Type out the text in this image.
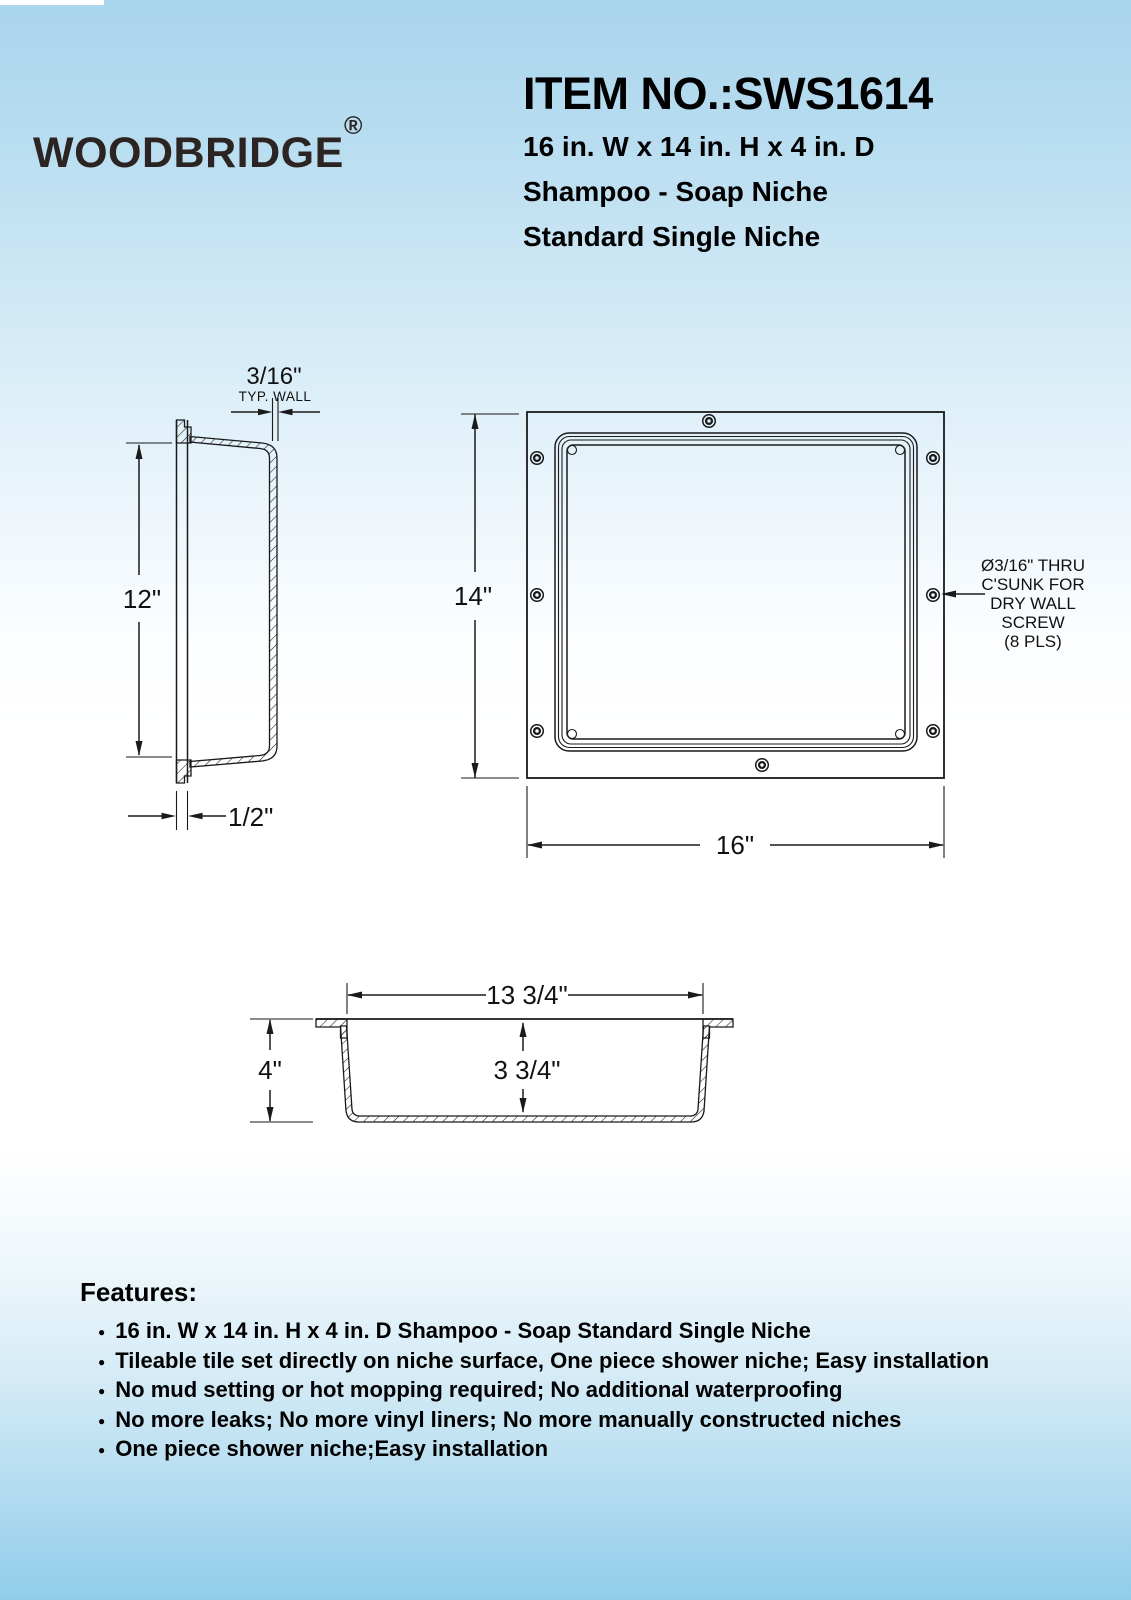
WOODBRIDGE
®
ITEM NO.:SWS1614
16 in. W x 14 in. H x 4 in. D
Shampoo - Soap Niche
Standard Single Niche
3/16"
TYP. WALL
12"
1/2"
14"
16"
Ø3/16" THRU
C'SUNK FOR
DRY WALL
SCREW
(8 PLS)
13 3/4"
4"	3 3/4"
Features:
● 16 in. W x 14 in. H x 4 in. D Shampoo - Soap Standard Single Niche
● Tileable tile set directly on niche surface, One piece shower niche; Easy installation
● No mud setting or hot mopping required; No additional waterproofing
● No more leaks; No more vinyl liners; No more manually constructed niches
● One piece shower niche;Easy installation
